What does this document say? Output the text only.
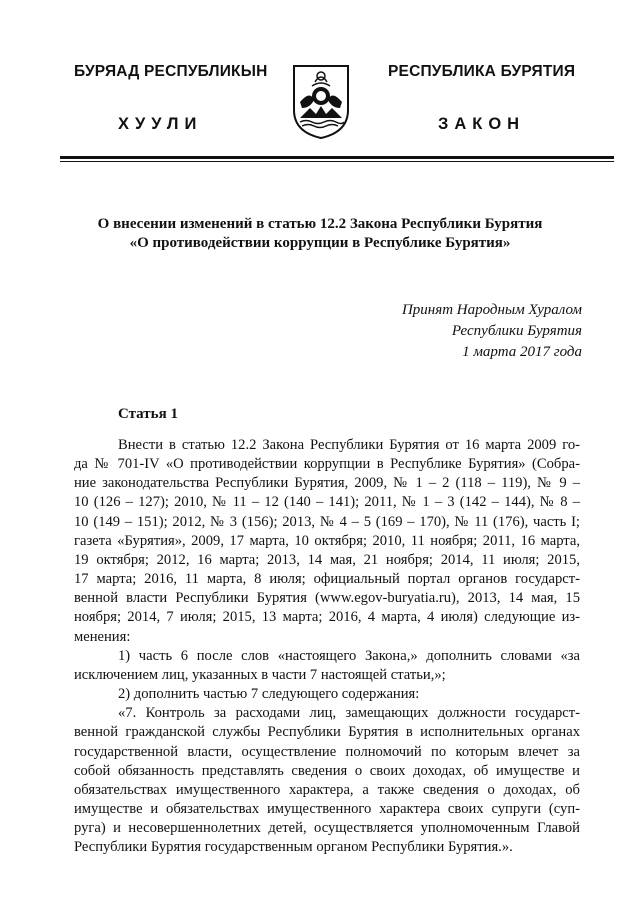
БУРЯАД РЕСПУБЛИКЫН	РЕСПУБЛИКА БУРЯТИЯ
ХУУЛИ	ЗАКОН
О внесении изменений в статью 12.2 Закона Республики Бурятия
«О противодействии коррупции в Республике Бурятия»
Принят Народным Хуралом
Республики Бурятия
1 марта 2017 года
Статья 1
Внести в статью 12.2 Закона Республики Бурятия от 16 марта 2009 го-
да № 701-IV «О противодействии коррупции в Республике Бурятия» (Собра-
ние законодательства Республики Бурятия, 2009, № 1 – 2 (118 – 119), № 9 –
10 (126 – 127); 2010, № 11 – 12 (140 – 141); 2011, № 1 – 3 (142 – 144), № 8 –
10 (149 – 151); 2012, № 3 (156); 2013, № 4 – 5 (169 – 170), № 11 (176), часть I;
газета «Бурятия», 2009, 17 марта, 10 октября; 2010, 11 ноября; 2011, 16 марта,
19 октября; 2012, 16 марта; 2013, 14 мая, 21 ноября; 2014, 11 июля; 2015,
17 марта; 2016, 11 марта, 8 июля; официальный портал органов государст-
венной власти Республики Бурятия (www.egov-buryatia.ru), 2013, 14 мая, 15
ноября; 2014, 7 июля; 2015, 13 марта; 2016, 4 марта, 4 июля) следующие из-
менения:
1) часть 6 после слов «настоящего Закона,» дополнить словами «за
исключением лиц, указанных в части 7 настоящей статьи,»;
2) дополнить частью 7 следующего содержания:
«7. Контроль за расходами лиц, замещающих должности государст-
венной гражданской службы Республики Бурятия в исполнительных органах
государственной власти, осуществление полномочий по которым влечет за
собой обязанность представлять сведения о своих доходах, об имуществе и
обязательствах имущественного характера, а также сведения о доходах, об
имуществе и обязательствах имущественного характера своих супруги (суп-
руга) и несовершеннолетних детей, осуществляется уполномоченным Главой
Республики Бурятия государственным органом Республики Бурятия.».
